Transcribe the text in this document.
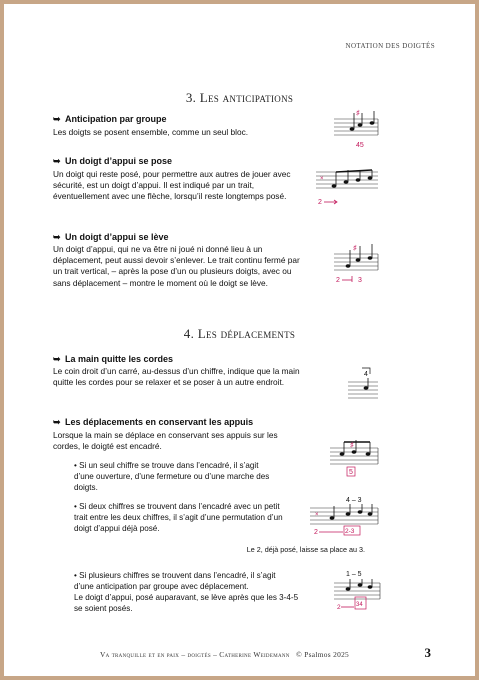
NOTATION DES DOIGTÉS
3. Les anticipations
➥ Anticipation par groupe
Les doigts se posent ensemble, comme un seul bloc.
➥ Un doigt d’appui se pose
Un doigt qui reste posé, pour permettre aux autres de jouer avec sécurité, est un doigt d’appui. Il est indiqué par un trait, éventuellement avec une flèche, lorsqu’il reste longtemps posé.
➥ Un doigt d’appui se lève
Un doigt d’appui, qui ne va être ni joué ni donné lieu à un déplacement, peut aussi devoir s’enlever. Le trait continu fermé par un trait vertical, – après la pose d’un ou plusieurs doigts, avec ou sans déplacement – montre le moment où le doigt se lève.
4. Les déplacements
➥ La main quitte les cordes
Le coin droit d’un carré, au-dessus d’un chiffre, indique que la main quitte les cordes pour se relaxer et se poser à un autre endroit.
➥ Les déplacements en conservant les appuis
Lorsque la main se déplace en conservant ses appuis sur les cordes, le doigté est encadré.
• Si un seul chiffre se trouve dans l’encadré, il s’agit d’une ouverture, d’une fermeture ou d’une marche des doigts.
• Si deux chiffres se trouvent dans l’encadré avec un petit trait entre les deux chiffres, il s’agit d’une permutation d’un doigt d’appui déjà posé.
Le 2, déjà posé, laisse sa place au 3.
• Si plusieurs chiffres se trouvent dans l’encadré, il s’agit d’une anticipation par groupe avec déplacement.
Le doigt d’appui, posé auparavant, se lève après que les 3-4-5 se soient posés.
♯
45
×
2
♯
2	3
4
♯
5
4 – 3
×
2	2-3
1 – 5
2	34
Va tranquille et en paix – doigtés – Catherine Weidemann © Psalmos 2025	3
